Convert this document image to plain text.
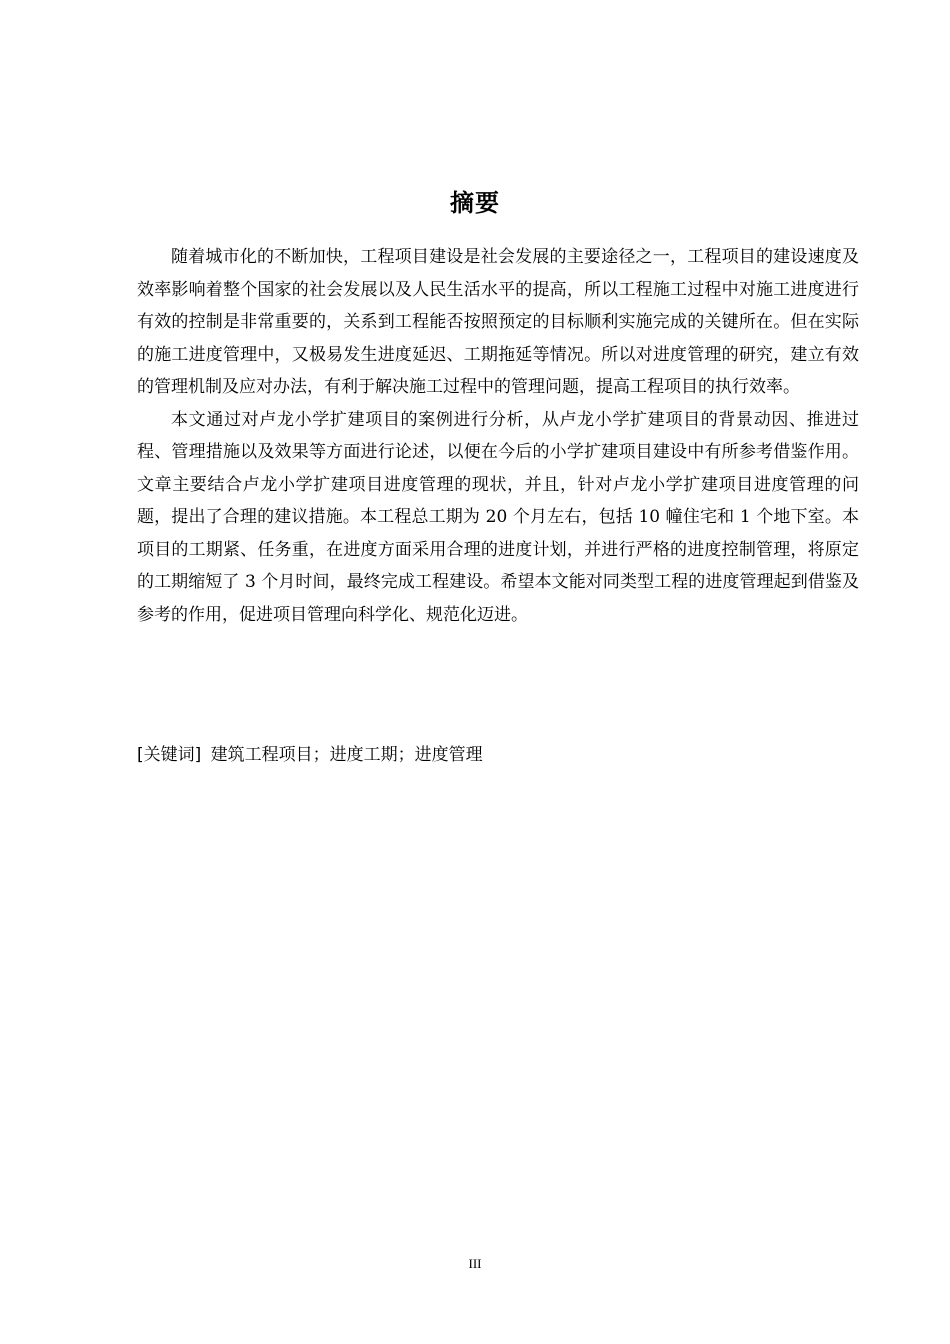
摘要

随着城市化的不断加快，工程项目建设是社会发展的主要途径之一，工程项目的建设速度及效率影响着整个国家的社会发展以及人民生活水平的提高，所以工程施工过程中对施工进度进行有效的控制是非常重要的，关系到工程能否按照预定的目标顺利实施完成的关键所在。但在实际的施工进度管理中，又极易发生进度延迟、工期拖延等情况。所以对进度管理的研究，建立有效的管理机制及应对办法，有利于解决施工过程中的管理问题，提高工程项目的执行效率。

本文通过对卢龙小学扩建项目的案例进行分析，从卢龙小学扩建项目的背景动因、推进过程、管理措施以及效果等方面进行论述，以便在今后的小学扩建项目建设中有所参考借鉴作用。文章主要结合卢龙小学扩建项目进度管理的现状，并且，针对卢龙小学扩建项目进度管理的问题，提出了合理的建议措施。本工程总工期为 20 个月左右，包括 10 幢住宅和 1 个地下室。本项目的工期紧、任务重，在进度方面采用合理的进度计划，并进行严格的进度控制管理，将原定的工期缩短了 3 个月时间，最终完成工程建设。希望本文能对同类型工程的进度管理起到借鉴及参考的作用，促进项目管理向科学化、规范化迈进。

[关键词] 建筑工程项目；进度工期；进度管理
III
